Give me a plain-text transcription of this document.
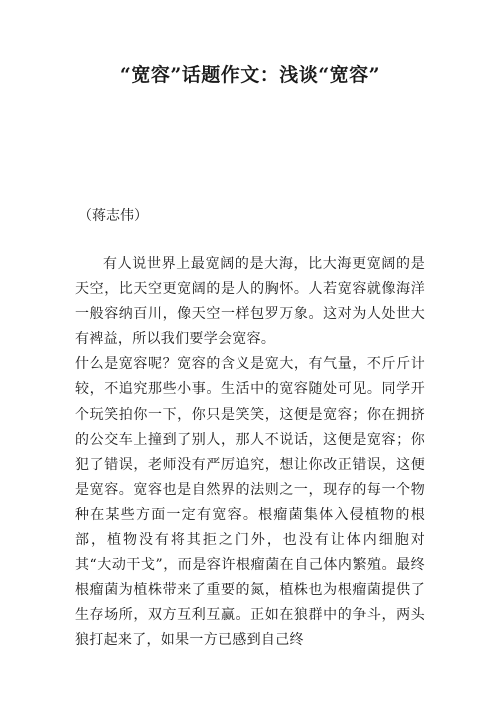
“宽容”话题作文：浅谈“宽容”

（蒋志伟）

有人说世界上最宽阔的是大海，比大海更宽阔的是天空，比天空更宽阔的是人的胸怀。人若宽容就像海洋一般容纳百川，像天空一样包罗万象。这对为人处世大有裨益，所以我们要学会宽容。

什么是宽容呢？宽容的含义是宽大，有气量，不斤斤计较，不追究那些小事。生活中的宽容随处可见。同学开个玩笑拍你一下，你只是笑笑，这便是宽容；你在拥挤的公交车上撞到了别人，那人不说话，这便是宽容；你犯了错误，老师没有严厉追究，想让你改正错误，这便是宽容。宽容也是自然界的法则之一，现存的每一个物种在某些方面一定有宽容。根瘤菌集体入侵植物的根部，植物没有将其拒之门外，也没有让体内细胞对其“大动干戈”，而是容许根瘤菌在自己体内繁殖。最终根瘤菌为植株带来了重要的氮，植株也为根瘤菌提供了生存场所，双方互利互赢。正如在狼群中的争斗，两头狼打起来了，如果一方已感到自己终
